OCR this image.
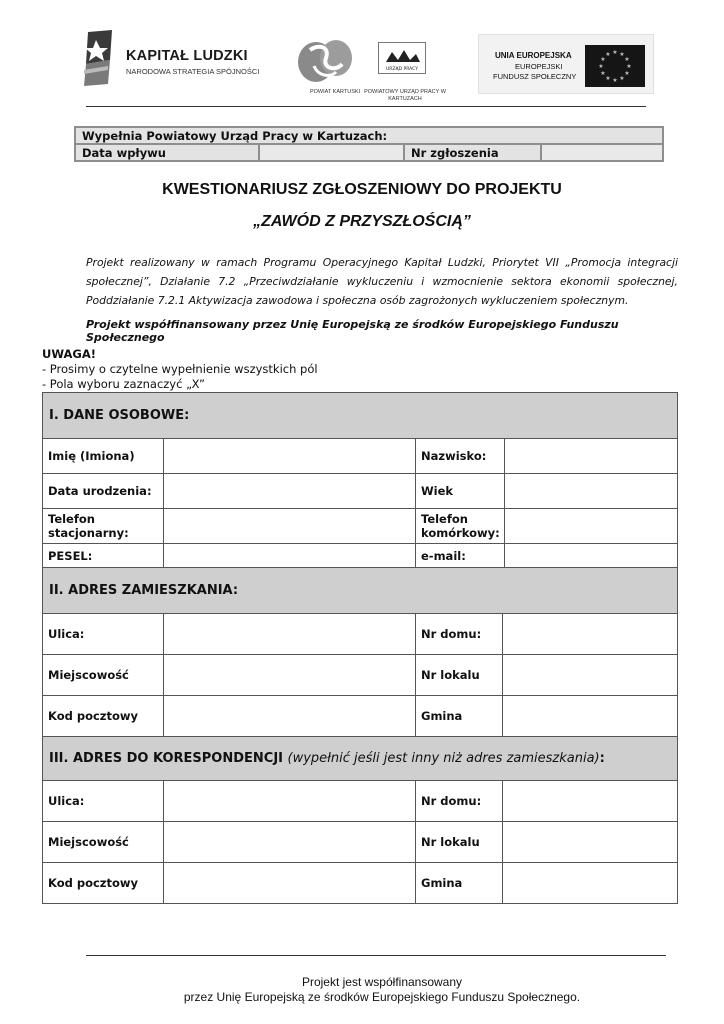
KAPITAŁ LUDZKI
NARODOWA STRATEGIA SPÓJNOŚCI
POWIAT KARTUSKI
URZĄD PRACY
POWIATOWY URZĄD PRACY W KARTUZACH
UNIA EUROPEJSKA
EUROPEJSKI
FUNDUSZ SPOŁECZNY
★ ★
★
★
★
★
★
★
★
★
★
★
Wypełnia Powiatowy Urząd Pracy w Kartuzach:
Data wpływu		Nr zgłoszenia	
KWESTIONARIUSZ ZGŁOSZENIOWY DO PROJEKTU
„ZAWÓD Z PRZYSZŁOŚCIĄ”
Projekt realizowany w ramach Programu Operacyjnego Kapitał Ludzki, Priorytet VII „Promocja integracji społecznej”, Działanie 7.2 „Przeciwdziałanie wykluczeniu i wzmocnienie sektora ekonomii społecznej, Poddziałanie 7.2.1 Aktywizacja zawodowa i społeczna osób zagrożonych wykluczeniem społecznym.
Projekt współfinansowany przez Unię Europejską ze środków Europejskiego Funduszu Społecznego
UWAGA!
- Prosimy o czytelne wypełnienie wszystkich pól
- Pola wyboru zaznaczyć „X”
I. DANE OSOBOWE:			
Imię (Imiona)		Nazwisko:	
Data urodzenia:		Wiek	
Telefon stacjonarny:		Telefon komórkowy:	
PESEL:		e-mail:	
II. ADRES ZAMIESZKANIA:			
Ulica:		Nr domu:	
Miejscowość		Nr lokalu	
Kod pocztowy		Gmina	
III. ADRES DO KORESPONDENCJI (wypełnić jeśli jest inny niż adres zamieszkania):			
Ulica:		Nr domu:	
Miejscowość		Nr lokalu	
Kod pocztowy		Gmina	
Projekt jest współfinansowany
przez Unię Europejską ze środków Europejskiego Funduszu Społecznego.
